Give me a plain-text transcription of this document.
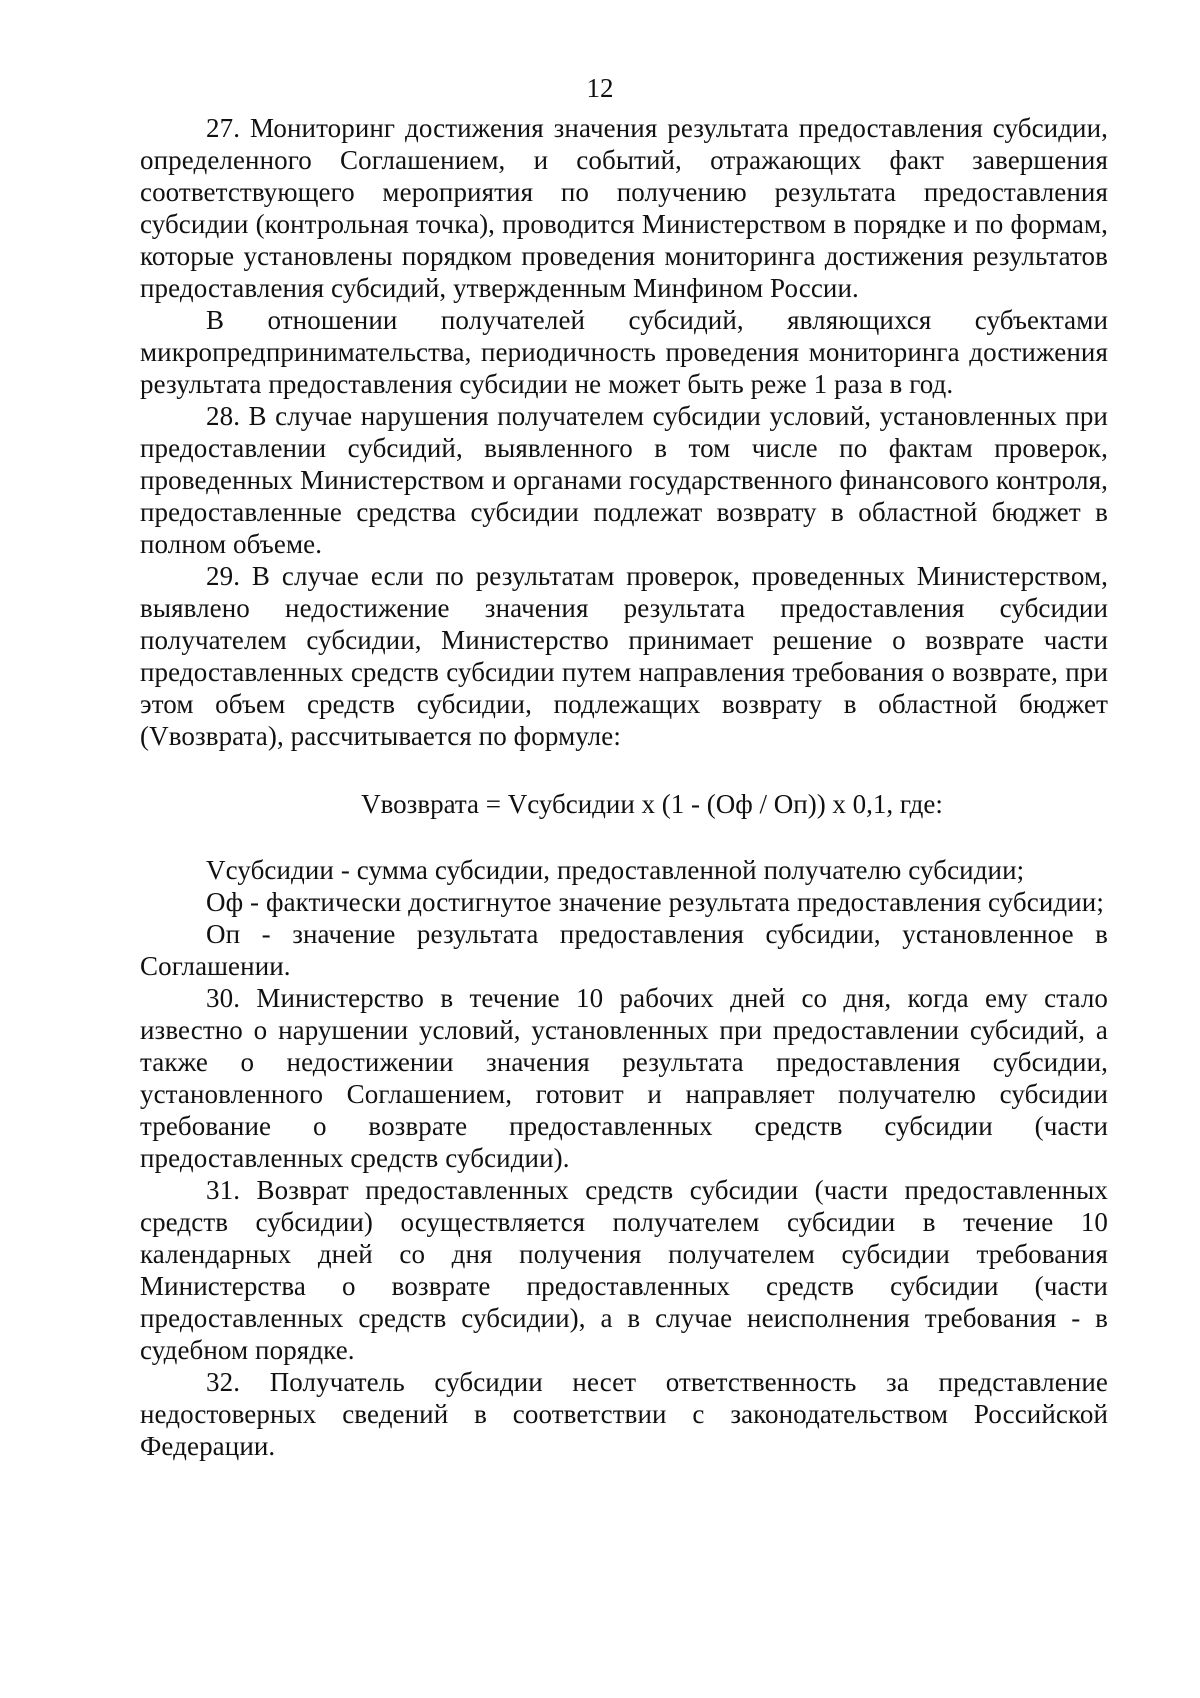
12

27. Мониторинг достижения значения результата предоставления субсидии, определенного Соглашением, и событий, отражающих факт завершения соответствующего мероприятия по получению результата предоставления субсидии (контрольная точка), проводится Министерством в порядке и по формам, которые установлены порядком проведения мониторинга достижения результатов предоставления субсидий, утвержденным Минфином России.

В отношении получателей субсидий, являющихся субъектами микропредпринимательства, периодичность проведения мониторинга достижения результата предоставления субсидии не может быть реже 1 раза в год.

28. В случае нарушения получателем субсидии условий, установленных при предоставлении субсидий, выявленного в том числе по фактам проверок, проведенных Министерством и органами государственного финансового контроля, предоставленные средства субсидии подлежат возврату в областной бюджет в полном объеме.

29. В случае если по результатам проверок, проведенных Министерством, выявлено недостижение значения результата предоставления субсидии получателем субсидии, Министерство принимает решение о возврате части предоставленных средств субсидии путем направления требования о возврате, при этом объем средств субсидии, подлежащих возврату в областной бюджет (Vвозврата), рассчитывается по формуле:

Vвозврата = Vсубсидии x (1 - (Оф / Оп)) x 0,1, где:

Vсубсидии - сумма субсидии, предоставленной получателю субсидии;

Оф - фактически достигнутое значение результата предоставления субсидии;

Оп - значение результата предоставления субсидии, установленное в Соглашении.

30. Министерство в течение 10 рабочих дней со дня, когда ему стало известно о нарушении условий, установленных при предоставлении субсидий, а также о недостижении значения результата предоставления субсидии, установленного Соглашением, готовит и направляет получателю субсидии требование о возврате предоставленных средств субсидии (части предоставленных средств субсидии).

31. Возврат предоставленных средств субсидии (части предоставленных средств субсидии) осуществляется получателем субсидии в течение 10 календарных дней со дня получения получателем субсидии требования Министерства о возврате предоставленных средств субсидии (части предоставленных средств субсидии), а в случае неисполнения требования - в судебном порядке.

32. Получатель субсидии несет ответственность за представление недостоверных сведений в соответствии с законодательством Российской Федерации.
